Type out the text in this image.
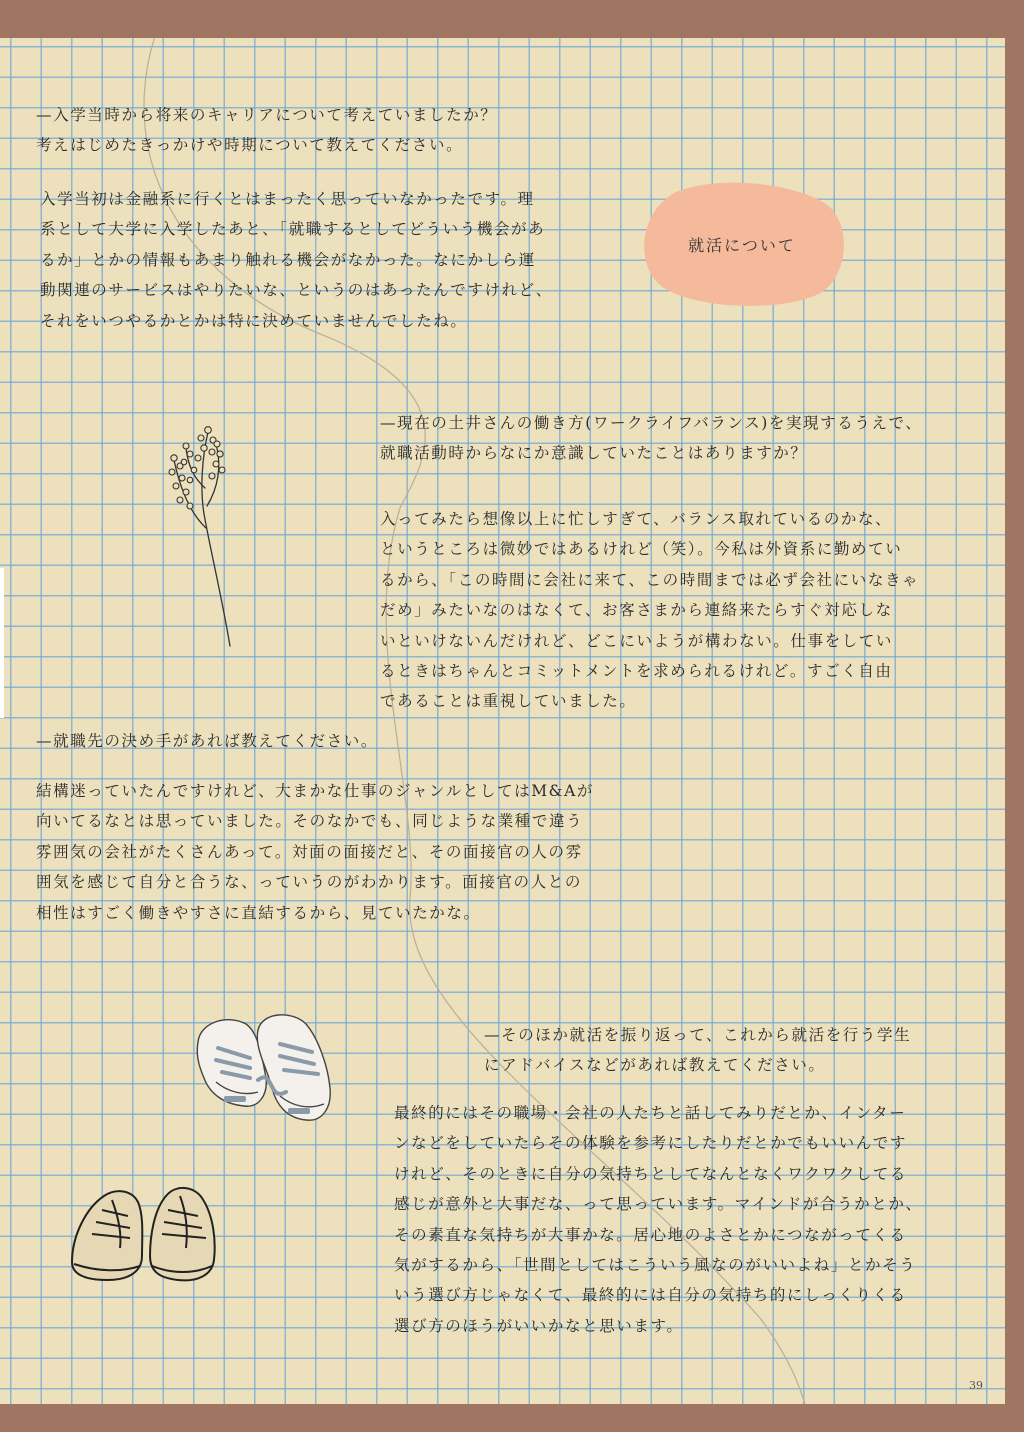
—入学当時から将来のキャリアについて考えていましたか？
考えはじめたきっかけや時期について教えてください。
入学当初は金融系に行くとはまったく思っていなかったです。理
系として大学に入学したあと、「就職するとしてどういう機会があ
るか」とかの情報もあまり触れる機会がなかった。なにかしら運
動関連のサービスはやりたいな、というのはあったんですけれど、
それをいつやるかとかは特に決めていませんでしたね。
就活について
—現在の土井さんの働き方(ワークライフバランス)を実現するうえで、
就職活動時からなにか意識していたことはありますか？
入ってみたら想像以上に忙しすぎて、バランス取れているのかな、
というところは微妙ではあるけれど（笑）。今私は外資系に勤めてい
るから、「この時間に会社に来て、この時間までは必ず会社にいなきゃ
だめ」みたいなのはなくて、お客さまから連絡来たらすぐ対応しな
いといけないんだけれど、どこにいようが構わない。仕事をしてい
るときはちゃんとコミットメントを求められるけれど。すごく自由
であることは重視していました。
—就職先の決め手があれば教えてください。
結構迷っていたんですけれど、大まかな仕事のジャンルとしてはM&Aが
向いてるなとは思っていました。そのなかでも、同じような業種で違う
雰囲気の会社がたくさんあって。対面の面接だと、その面接官の人の雰
囲気を感じて自分と合うな、っていうのがわかります。面接官の人との
相性はすごく働きやすさに直結するから、見ていたかな。
—そのほか就活を振り返って、これから就活を行う学生
にアドバイスなどがあれば教えてください。
最終的にはその職場・会社の人たちと話してみりだとか、インター
ンなどをしていたらその体験を参考にしたりだとかでもいいんです
けれど、そのときに自分の気持ちとしてなんとなくワクワクしてる
感じが意外と大事だな、って思っています。マインドが合うかとか、
その素直な気持ちが大事かな。居心地のよさとかにつながってくる
気がするから、「世間としてはこういう風なのがいいよね」とかそう
いう選び方じゃなくて、最終的には自分の気持ち的にしっくりくる
選び方のほうがいいかなと思います。
39
